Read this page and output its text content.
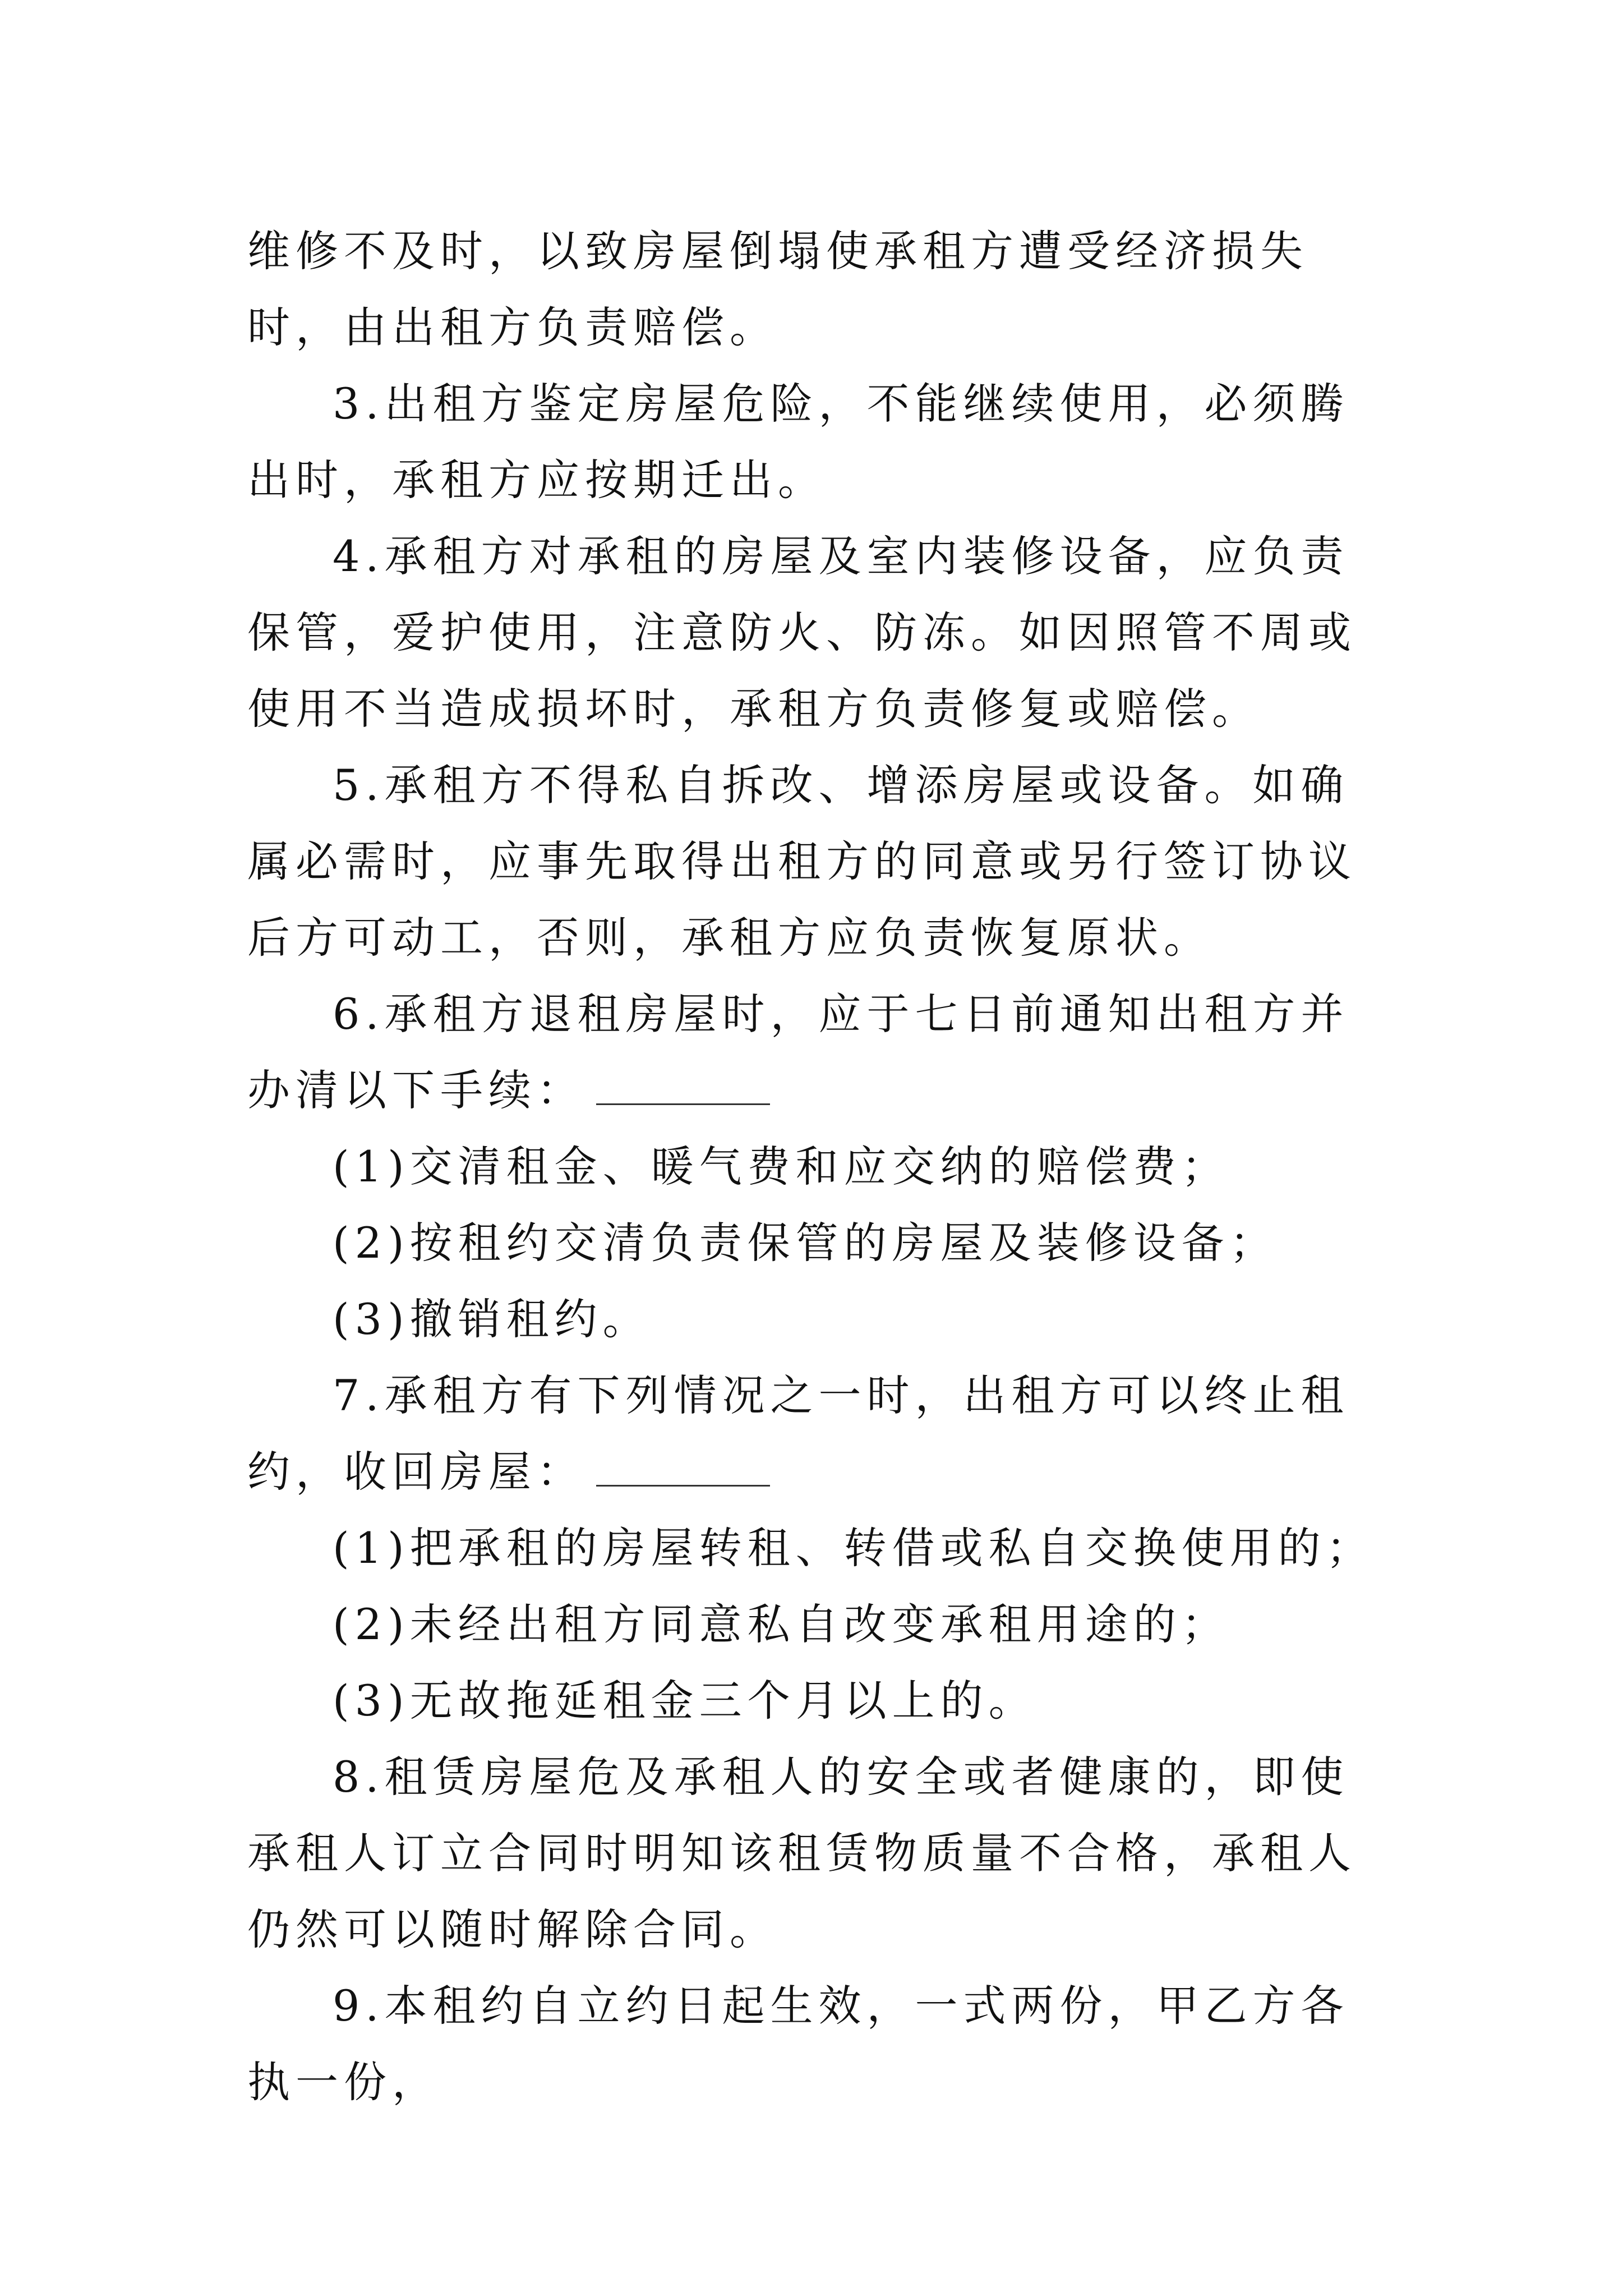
维修不及时，以致房屋倒塌使承租方遭受经济损失时，由出租方负责赔偿。

3.出租方鉴定房屋危险，不能继续使用，必须腾出时，承租方应按期迁出。

4.承租方对承租的房屋及室内装修设备，应负责保管，爱护使用，注意防火、防冻。如因照管不周或使用不当造成损坏时，承租方负责修复或赔偿。

5.承租方不得私自拆改、增添房屋或设备。如确属必需时，应事先取得出租方的同意或另行签订协议后方可动工，否则，承租方应负责恢复原状。

6.承租方退租房屋时，应于七日前通知出租方并办清以下手续：

(1)交清租金、暖气费和应交纳的赔偿费；

(2)按租约交清负责保管的房屋及装修设备；

(3)撤销租约。

7.承租方有下列情况之一时，出租方可以终止租约，收回房屋：

(1)把承租的房屋转租、转借或私自交换使用的；

(2)未经出租方同意私自改变承租用途的；

(3)无故拖延租金三个月以上的。

8.租赁房屋危及承租人的安全或者健康的，即使承租人订立合同时明知该租赁物质量不合格，承租人仍然可以随时解除合同。

9.本租约自立约日起生效，一式两份，甲乙方各执一份，
